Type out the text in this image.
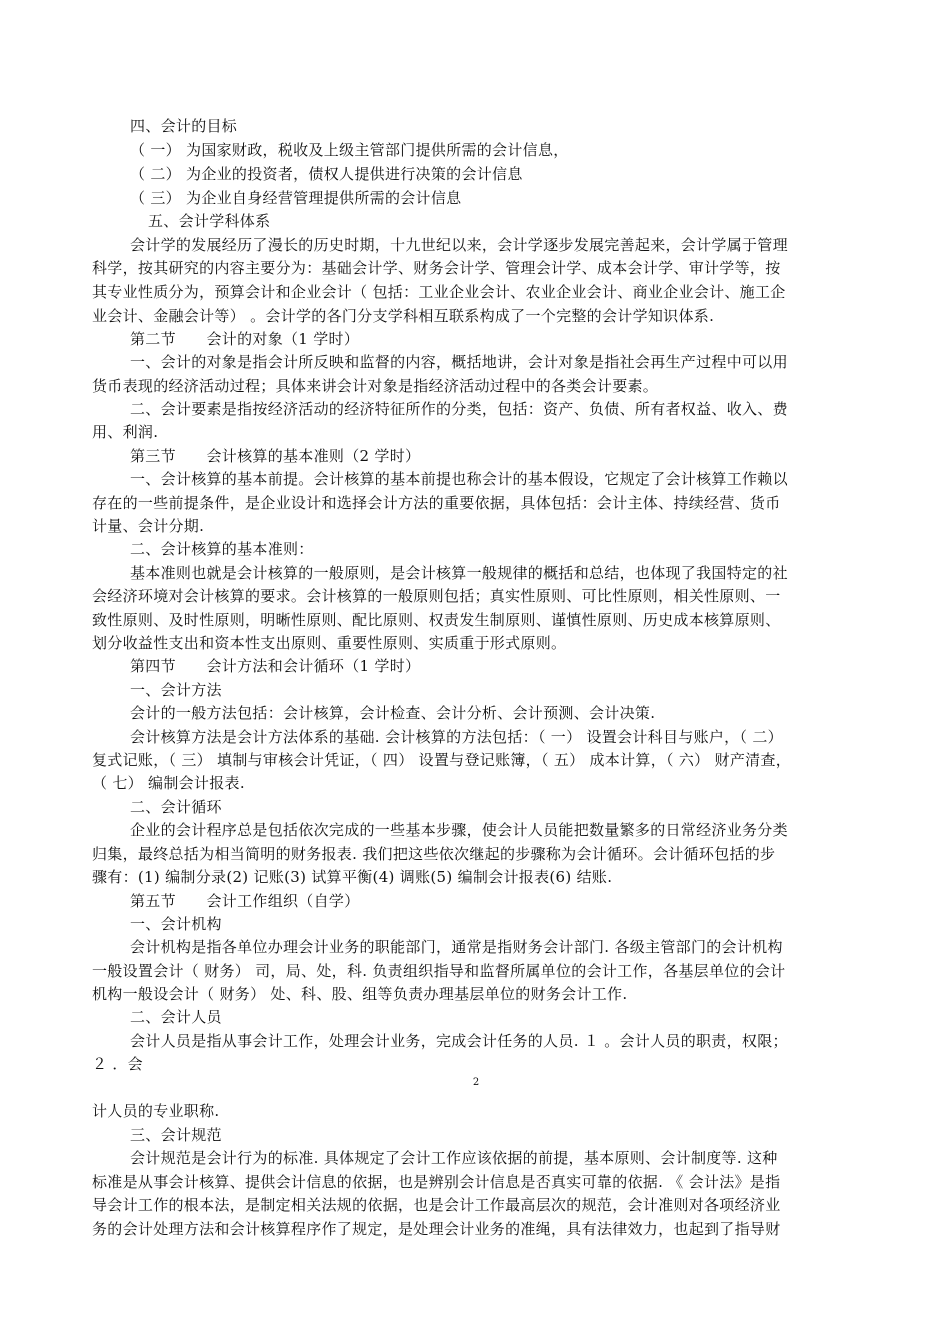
四、会计的目标
（ 一） 为国家财政，税收及上级主管部门提供所需的会计信息，
（ 二） 为企业的投资者，债权人提供进行决策的会计信息
（ 三） 为企业自身经营管理提供所需的会计信息
五、会计学科体系
会计学的发展经历了漫长的历史时期，十九世纪以来，会计学逐步发展完善起来，会计学属于管理
科学，按其研究的内容主要分为：基础会计学、财务会计学、管理会计学、成本会计学、审计学等，按
其专业性质分为，预算会计和企业会计（ 包括：工业企业会计、农业企业会计、商业企业会计、施工企
业会计、金融会计等） 。会计学的各门分支学科相互联系构成了一个完整的会计学知识体系.
第二节　　会计的对象（1 学时）
一、会计的对象是指会计所反映和监督的内容，概括地讲，会计对象是指社会再生产过程中可以用
货币表现的经济活动过程；具体来讲会计对象是指经济活动过程中的各类会计要素。
二、会计要素是指按经济活动的经济特征所作的分类，包括：资产、负债、所有者权益、收入、费
用、利润.
第三节　　会计核算的基本准则（2 学时）
一、会计核算的基本前提。会计核算的基本前提也称会计的基本假设，它规定了会计核算工作赖以
存在的一些前提条件，是企业设计和选择会计方法的重要依据，具体包括：会计主体、持续经营、货币
计量、会计分期.
二、会计核算的基本准则：
基本准则也就是会计核算的一般原则，是会计核算一般规律的概括和总结，也体现了我国特定的社
会经济环境对会计核算的要求。会计核算的一般原则包括；真实性原则、可比性原则，相关性原则、一
致性原则、及时性原则，明晰性原则、配比原则、权责发生制原则、谨慎性原则、历史成本核算原则、
划分收益性支出和资本性支出原则、重要性原则、实质重于形式原则。
第四节　　会计方法和会计循环（1 学时）
一、会计方法
会计的一般方法包括：会计核算，会计检查、会计分析、会计预测、会计决策.
会计核算方法是会计方法体系的基础. 会计核算的方法包括：（ 一） 设置会计科目与账户，（ 二）
复式记账，（ 三） 填制与审核会计凭证，（ 四） 设置与登记账簿，（ 五） 成本计算，（ 六） 财产清查，
（ 七） 编制会计报表.
二、会计循环
企业的会计程序总是包括依次完成的一些基本步骤，使会计人员能把数量繁多的日常经济业务分类
归集，最终总括为相当简明的财务报表. 我们把这些依次继起的步骤称为会计循环。会计循环包括的步
骤有：(1) 编制分录(2) 记账(3) 试算平衡(4) 调账(5) 编制会计报表(6) 结账.
第五节　　会计工作组织（自学）
一、会计机构
会计机构是指各单位办理会计业务的职能部门，通常是指财务会计部门. 各级主管部门的会计机构
一般设置会计（ 财务） 司，局、处，科. 负责组织指导和监督所属单位的会计工作，各基层单位的会计
机构一般设会计（ 财务） 处、科、股、组等负责办理基层单位的财务会计工作.
二、会计人员
会计人员是指从事会计工作，处理会计业务，完成会计任务的人员. １ 。会计人员的职责，权限；
２ ．会
2
计人员的专业职称.
三、会计规范
会计规范是会计行为的标准. 具体规定了会计工作应该依据的前提，基本原则、会计制度等. 这种
标准是从事会计核算、提供会计信息的依据，也是辨别会计信息是否真实可靠的依据. 《 会计法》是指
导会计工作的根本法，是制定相关法规的依据，也是会计工作最高层次的规范，会计准则对各项经济业
务的会计处理方法和会计核算程序作了规定，是处理会计业务的准绳，具有法律效力，也起到了指导财
